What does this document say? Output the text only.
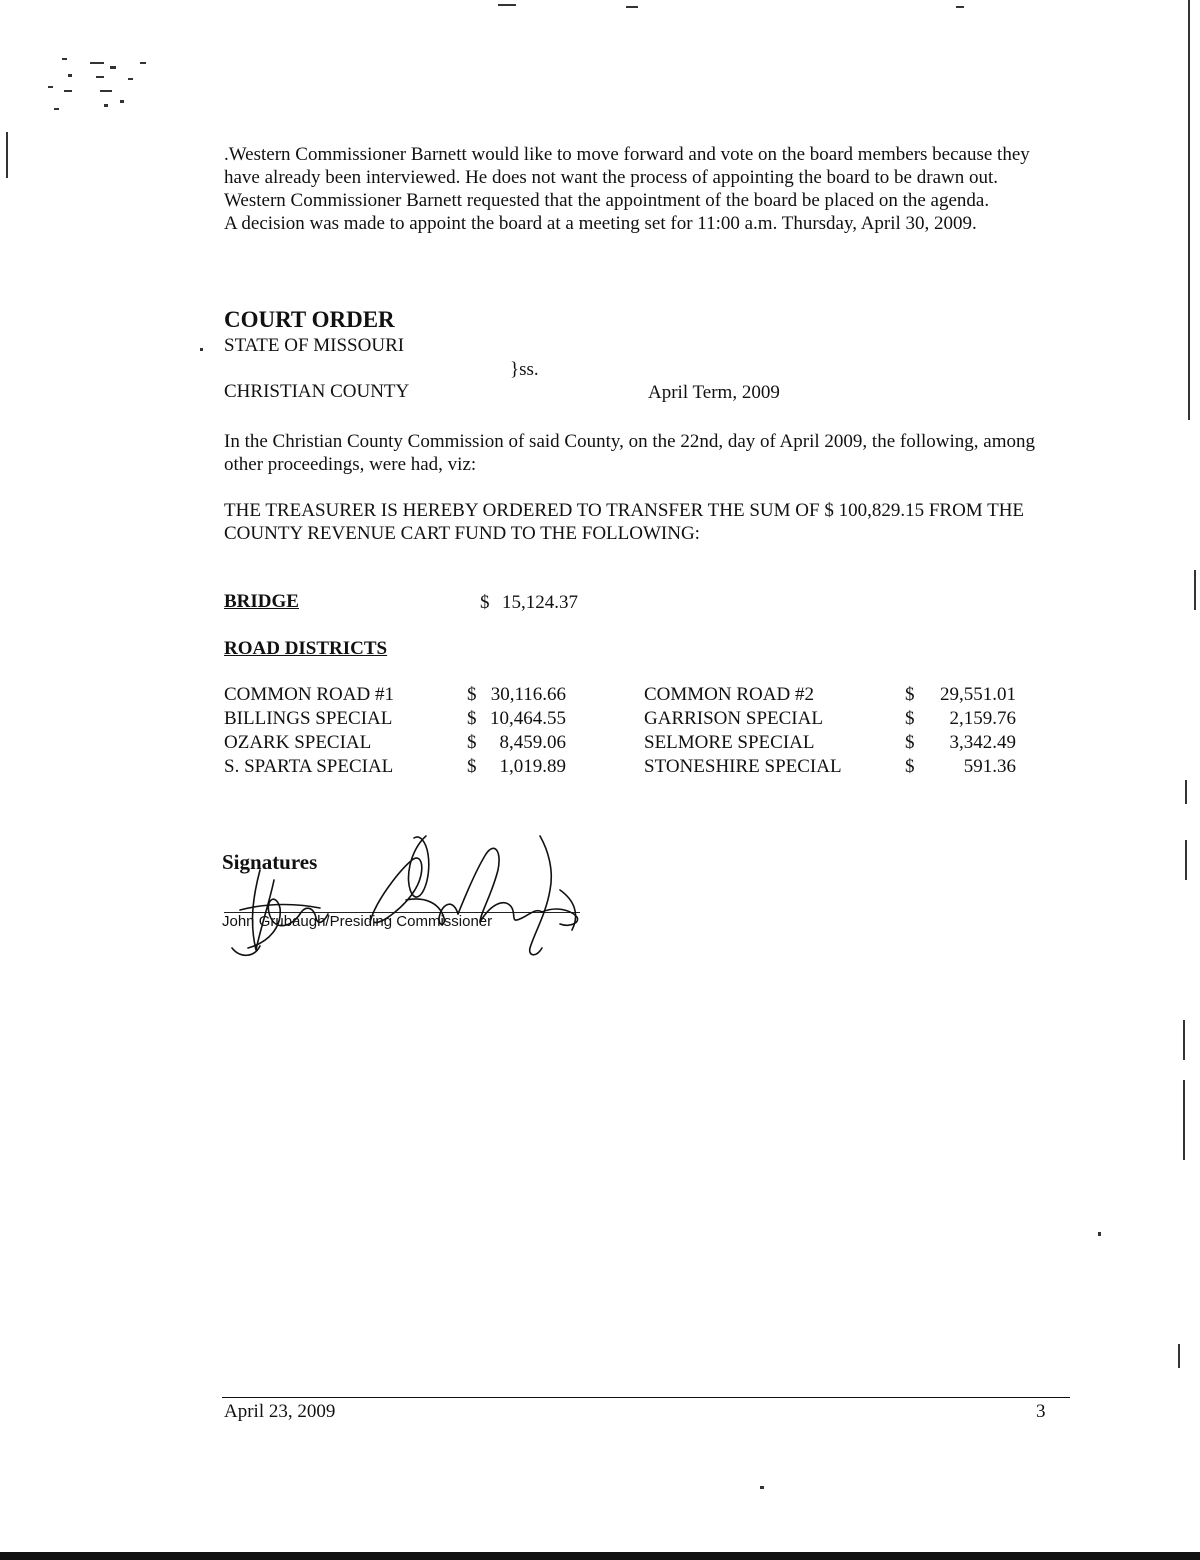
.Western Commissioner Barnett would like to move forward and vote on the board members because they
have already been interviewed. He does not want the process of appointing the board to be drawn out.
Western Commissioner Barnett requested that the appointment of the board be placed on the agenda.
A decision was made to appoint the board at a meeting set for 11:00 a.m. Thursday, April 30, 2009.
COURT ORDER
STATE OF MISSOURI
}ss.
CHRISTIAN COUNTY	April Term, 2009
In the Christian County Commission of said County, on the 22nd, day of April 2009, the following, among
other proceedings, were had, viz:
THE TREASURER IS HEREBY ORDERED TO TRANSFER THE SUM OF $ 100,829.15 FROM THE
COUNTY REVENUE CART FUND TO THE FOLLOWING:
BRIDGE	$ 15,124.37
ROAD DISTRICTS
COMMON ROAD #1	$ 30,116.66	COMMON ROAD #2	$	29,551.01
BILLINGS SPECIAL	$ 10,464.55	GARRISON SPECIAL	$	2,159.76
OZARK SPECIAL	$	8,459.06	SELMORE SPECIAL	$	3,342.49
S. SPARTA SPECIAL	$	1,019.89	STONESHIRE SPECIAL	$	591.36
Signatures
John Grubaugh/Presiding Commissioner
April 23, 2009	3
